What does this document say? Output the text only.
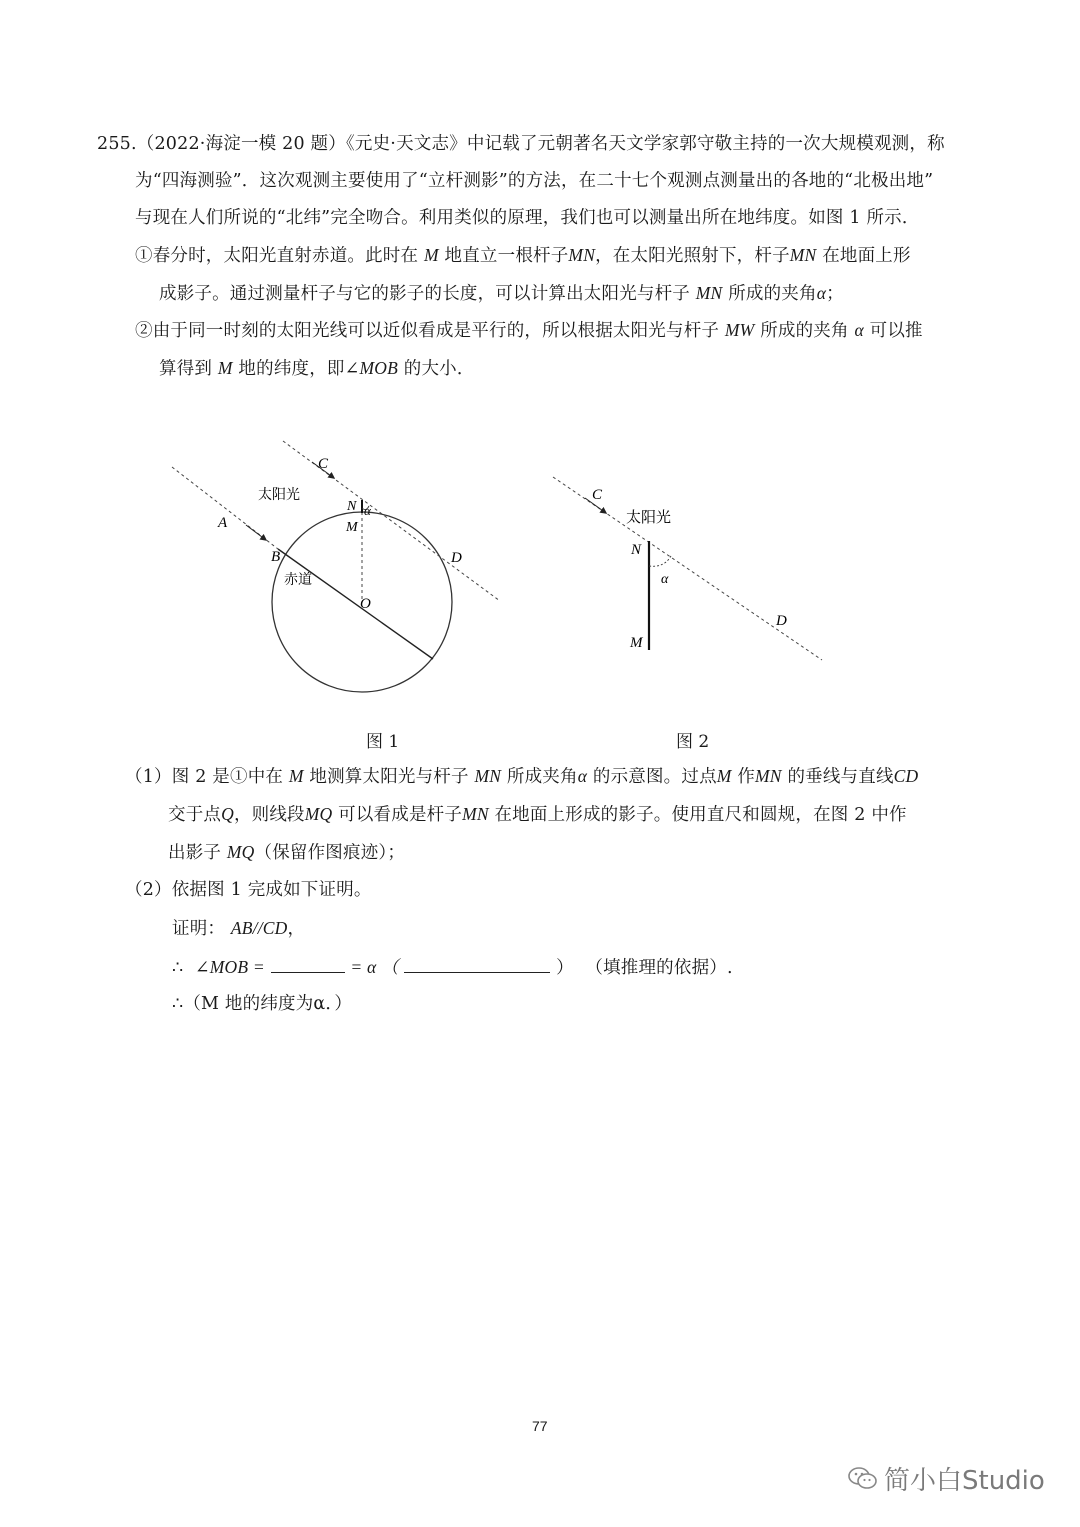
255.（2022·海淀一模 20 题）《元史·天文志》中记载了元朝著名天文学家郭守敬主持的一次大规模观测，称
为“四海测验”．这次观测主要使用了“立杆测影”的方法，在二十七个观测点测量出的各地的“北极出地”
与现在人们所说的“北纬”完全吻合。利用类似的原理，我们也可以测量出所在地纬度。如图 1 所示．
①春分时，太阳光直射赤道。此时在 M 地直立一根杆子MN，在太阳光照射下，杆子MN 在地面上形
成影子。通过测量杆子与它的影子的长度，可以计算出太阳光与杆子 MN 所成的夹角α；
②由于同一时刻的太阳光线可以近似看成是平行的，所以根据太阳光与杆子 MW 所成的夹角 α 可以推
算得到 M 地的纬度，即∠MOB 的大小．
A
B
C
D
N
M
α
O
太阳光
赤道
C
太阳光
N
α
D
M
图 1	图 2
（1）图 2 是①中在 M 地测算太阳光与杆子 MN 所成夹角α 的示意图。过点M 作MN 的垂线与直线CD
交于点Q，则线段MQ 可以看成是杆子MN 在地面上形成的影子。使用直尺和圆规，在图 2 中作
出影子 MQ（保留作图痕迹）；
（2）依据图 1 完成如下证明。
证明： AB//CD，
∴ ∠MOB =	= α （	） （填推理的依据）.
∴（M 地的纬度为α．）
77
简小白Studio
